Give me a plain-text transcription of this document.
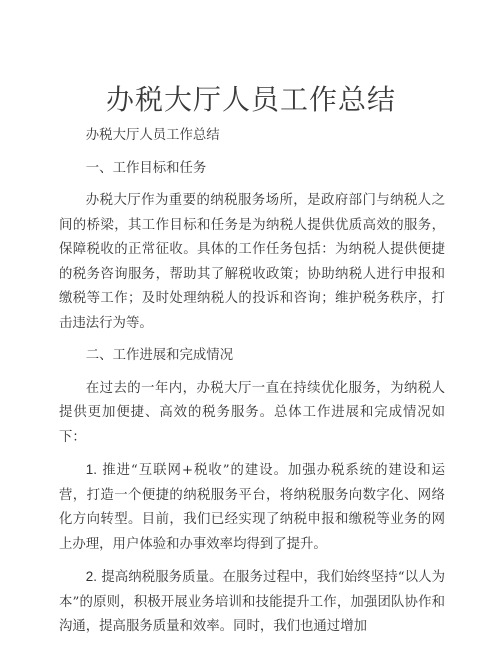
办税大厅人员工作总结

办税大厅人员工作总结

一、工作目标和任务

办税大厅作为重要的纳税服务场所，是政府部门与纳税人之间的桥梁，其工作目标和任务是为纳税人提供优质高效的服务，保障税收的正常征收。具体的工作任务包括：为纳税人提供便捷的税务咨询服务，帮助其了解税收政策；协助纳税人进行申报和缴税等工作；及时处理纳税人的投诉和咨询；维护税务秩序，打击违法行为等。

二、工作进展和完成情况

在过去的一年内，办税大厅一直在持续优化服务，为纳税人提供更加便捷、高效的税务服务。总体工作进展和完成情况如下：

1. 推进“互联网+税收”的建设。加强办税系统的建设和运营，打造一个便捷的纳税服务平台，将纳税服务向数字化、网络化方向转型。目前，我们已经实现了纳税申报和缴税等业务的网上办理，用户体验和办事效率均得到了提升。

2. 提高纳税服务质量。在服务过程中，我们始终坚持“以人为本”的原则，积极开展业务培训和技能提升工作，加强团队协作和沟通，提高服务质量和效率。同时，我们也通过增加
